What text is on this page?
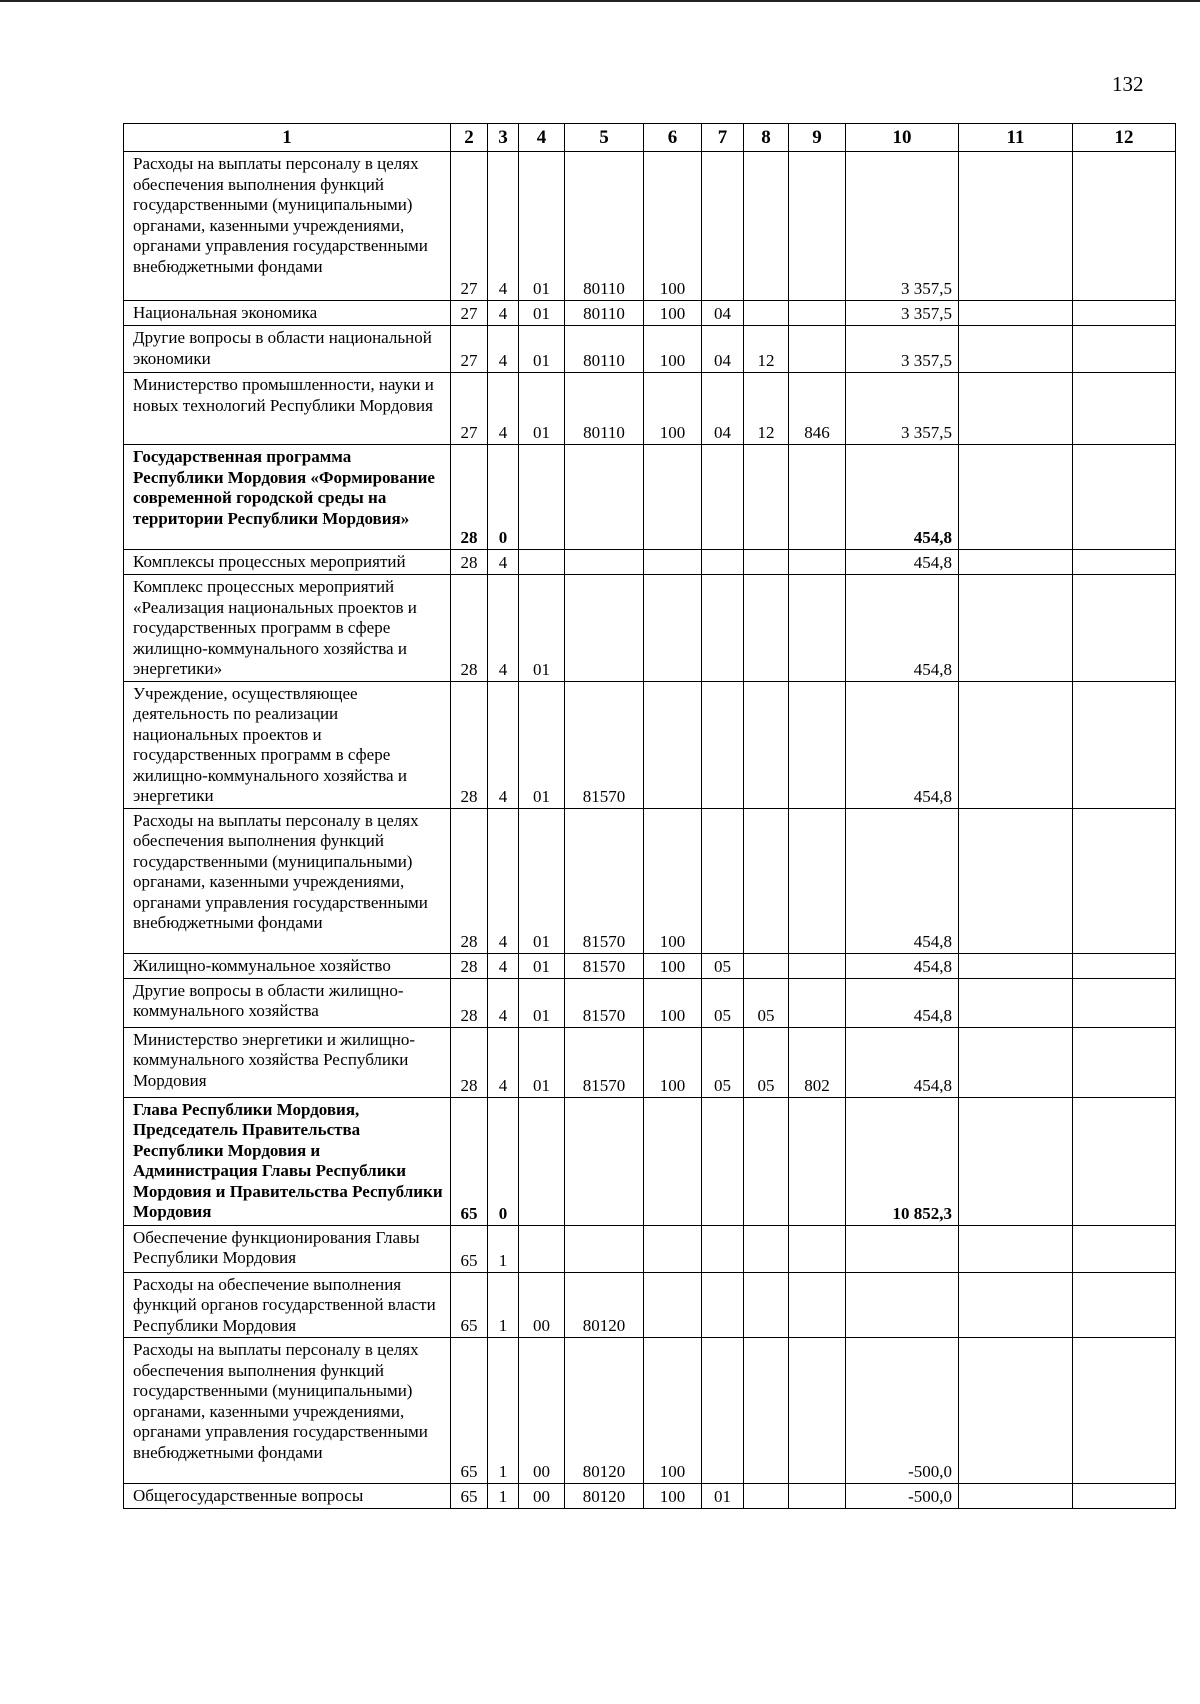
132
1	2	3	4	5	6	7	8	9	10	11	12
Расходы на выплаты персоналу в целях обеспечения выполнения функций государственными (муниципальными) органами, казенными учреждениями, органами управления государственными внебюджетными фондами	27	4	01	80110	100				3 357,5		
Национальная экономика	27	4	01	80110	100	04			3 357,5		
Другие вопросы в области национальной экономики	27	4	01	80110	100	04	12		3 357,5		
Министерство промышленности, науки и новых технологий Республики Мордовия	27	4	01	80110	100	04	12	846	3 357,5		
Государственная программа Республики Мордовия «Формирование современной городской среды на территории Республики Мордовия»	28	0							454,8		
Комплексы процессных мероприятий	28	4							454,8		
Комплекс процессных мероприятий «Реализация национальных проектов и государственных программ в сфере жилищно-коммунального хозяйства и энергетики»	28	4	01						454,8		
Учреждение, осуществляющее деятельность по реализации национальных проектов и государственных программ в сфере жилищно-коммунального хозяйства и энергетики	28	4	01	81570					454,8		
Расходы на выплаты персоналу в целях обеспечения выполнения функций государственными (муниципальными) органами, казенными учреждениями, органами управления государственными внебюджетными фондами	28	4	01	81570	100				454,8		
Жилищно-коммунальное хозяйство	28	4	01	81570	100	05			454,8		
Другие вопросы в области жилищно-коммунального хозяйства	28	4	01	81570	100	05	05		454,8		
Министерство энергетики и жилищно-коммунального хозяйства Республики Мордовия	28	4	01	81570	100	05	05	802	454,8		
Глава Республики Мордовия, Председатель Правительства Республики Мордовия и Администрация Главы Республики Мордовия и Правительства Республики Мордовия	65	0							10 852,3		
Обеспечение функционирования Главы Республики Мордовия	65	1									
Расходы на обеспечение выполнения функций органов государственной власти Республики Мордовия	65	1	00	80120							
Расходы на выплаты персоналу в целях обеспечения выполнения функций государственными (муниципальными) органами, казенными учреждениями, органами управления государственными внебюджетными фондами	65	1	00	80120	100				-500,0		
Общегосударственные вопросы	65	1	00	80120	100	01			-500,0		
